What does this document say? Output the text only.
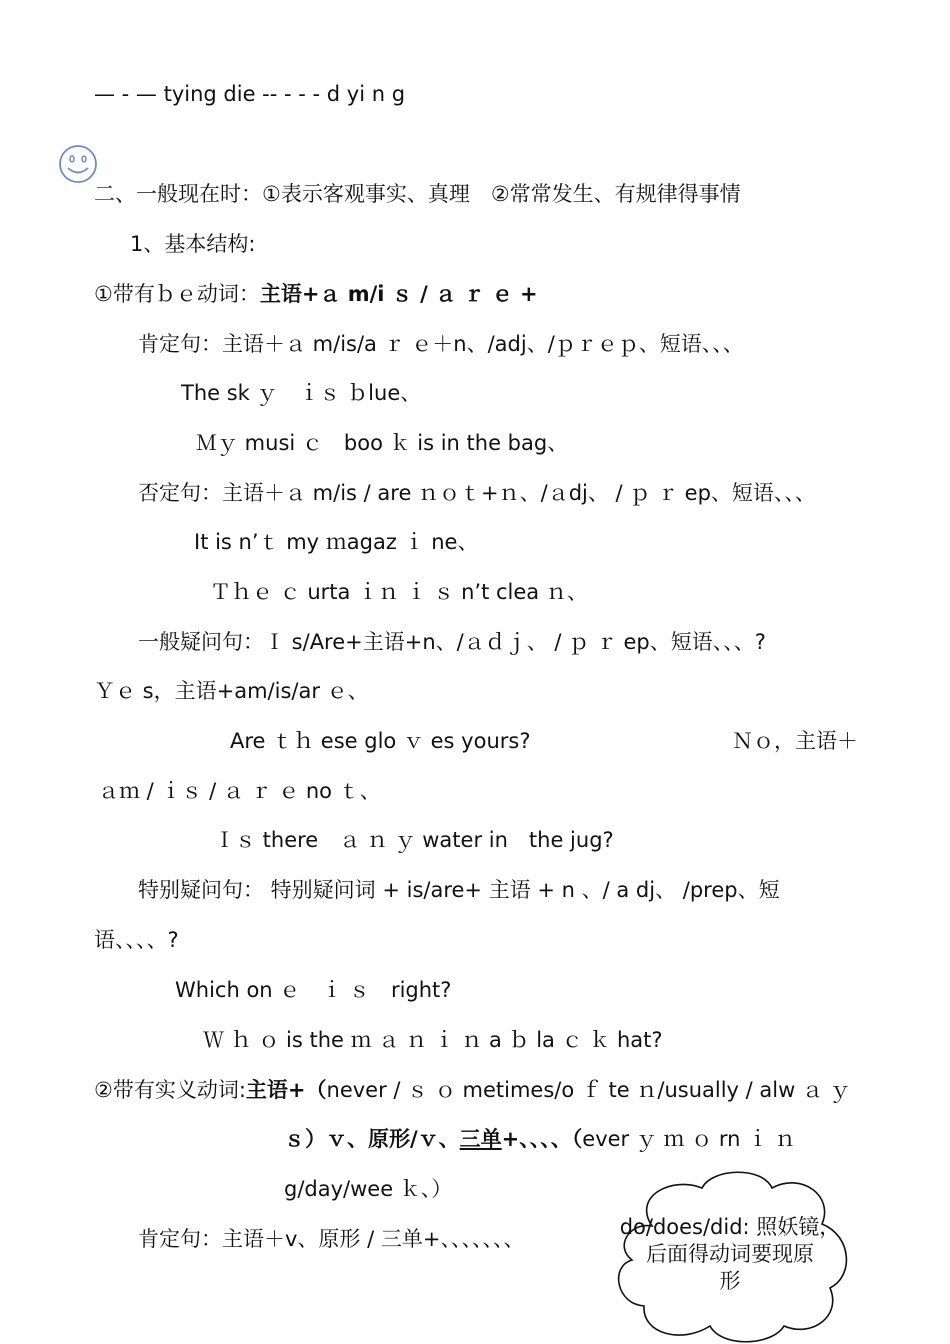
— - — tying die -- - - - d yi n g
二、一般现在时：①表示客观事实、真理　②常常发生、有规律得事情
1、基本结构:
①带有ｂｅ动词：主语+ａ m/i ｓ / ａ ｒ ｅ +
肯定句：主语＋ａ m/is/a ｒ ｅ＋n、/adj、/ｐｒｅｐ、短语、、、
The sk ｙ　ｉｓ ｂlue、
Ｍｙ musi ｃ　boo ｋ is in the bag、
否定句：主语＋ａ m/is / are ｎｏｔ+ｎ、/ａdj、 / ｐ ｒ ep、短语、、、
It is n’ｔ my ｍagaz ｉ ne、
Ｔｈｅ ｃ urta ｉｎ ｉ ｓ n’t clea ｎ、
一般疑问句：Ｉ s/Are+主语+n、/ａｄｊ、 / ｐ ｒ ep、短语、、、?
Ｙｅ s，主语+am/is/ar ｅ、
Are ｔｈ ese glo ｖ es yours?	Ｎｏ，主语＋
ａｍ / ｉｓ / ａ ｒ ｅ no ｔ、
Ｉｓ there　ａ ｎ ｙ water in　the jug?
特别疑问句： 特别疑问词 + is/are+ 主语 + n 、/ a dj、 /prep、短
语、、、、?
Which on ｅ　ｉ ｓ　right?
Ｗ ｈ ｏ is the ｍ ａ ｎ ｉ ｎ a ｂ la ｃ ｋ hat?
②带有实义动词:主语+（never / ｓ ｏ metimes/o ｆ te ｎ/usually / alw ａ ｙ
ｓ）ｖ、原形/ｖ、三单+、、、、（ever ｙ ｍ ｏ rn ｉ ｎ
g/day/wee ｋ、）
肯定句：主语＋v、原形 / 三单+、、、、、、、	do/does/did: 照妖镜，
后面得动词要现原
形
